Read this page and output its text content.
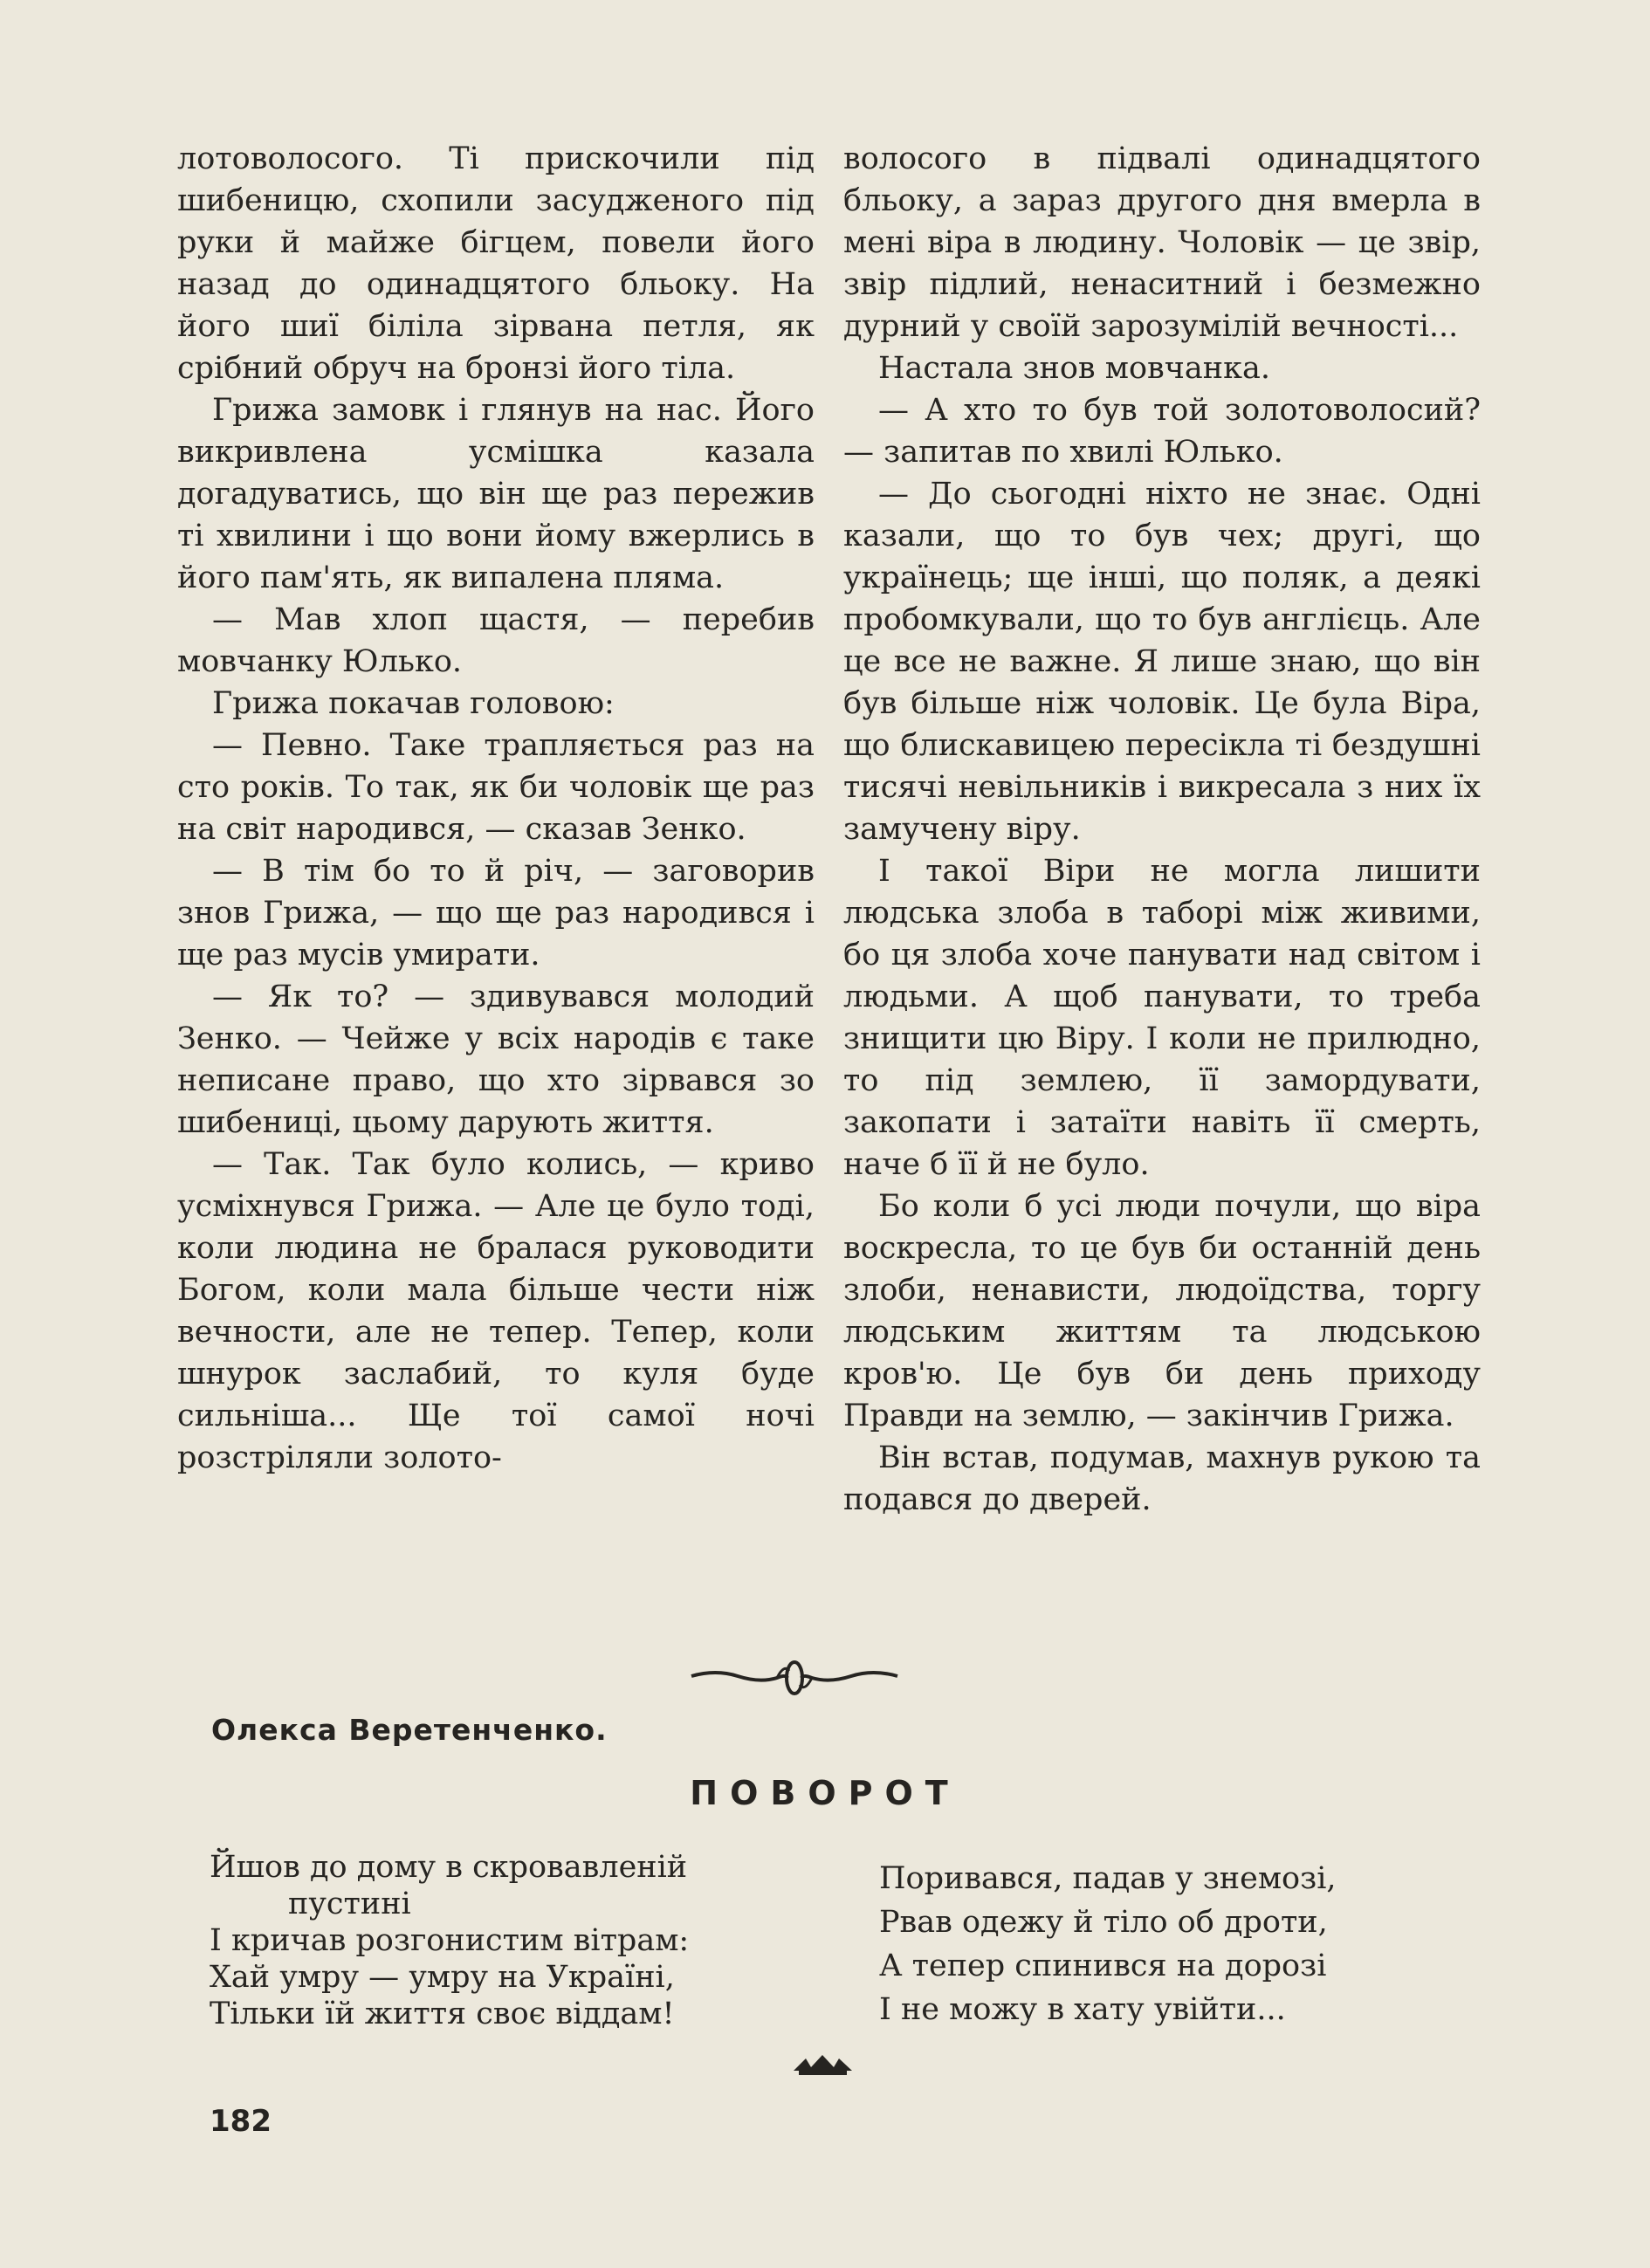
лотоволосого. Ті прискочили під шибеницю, схопили засудженого під руки й майже бігцем, повели його назад до одинадцятого бльоку. На його шиї біліла зірвана петля, як срібний обруч на бронзі його тіла.

Грижа замовк і глянув на нас. Його викривлена усмішка казала догадуватись, що він ще раз пережив ті хвилини і що вони йому вжерлись в його пам'ять, як випалена пляма.

— Мав хлоп щастя, — перебив мовчанку Юлько.

Грижа покачав головою:

— Певно. Таке трапляється раз на сто років. То так, як би чоловік ще раз на світ народився, — сказав Зенко.

— В тім бо то й річ, — заговорив знов Грижа, — що ще раз народився і ще раз мусів умирати.

— Як то? — здивувався молодий Зенко. — Чейже у всіх народів є таке неписане право, що хто зірвався зо шибениці, цьому дарують життя.

— Так. Так було колись, — криво усміхнувся Грижа. — Але це було тоді, коли людина не бралася руководити Богом, коли мала більше чести ніж вечности, але не тепер. Тепер, коли шнурок заслабий, то куля буде сильніша... Ще тої самої ночі розстріляли золото-

волосого в підвалі одинадцятого бльоку, а зараз другого дня вмерла в мені віра в людину. Чоловік — це звір, звір підлий, ненаситний і безмежно дурний у своїй зарозумілій вечності...

Настала знов мовчанка.

— А хто то був той золотоволосий? — запитав по хвилі Юлько.

— До сьогодні ніхто не знає. Одні казали, що то був чех; другі, що українець; ще інші, що поляк, а деякі пробомкували, що то був англієць. Але це все не важне. Я лише знаю, що він був більше ніж чоловік. Це була Віра, що блискавицею пересікла ті бездушні тисячі невільників і викресала з них їх замучену віру.

І такої Віри не могла лишити людська злоба в таборі між живими, бо ця злоба хоче панувати над світом і людьми. А щоб панувати, то треба знищити цю Віру. І коли не прилюдно, то під землею, її замордувати, закопати і затаїти навіть її смерть, наче б її й не було.

Бо коли б усі люди почули, що віра воскресла, то це був би останній день злоби, ненависти, людоїдства, торгу людським життям та людською кров'ю. Це був би день приходу Правди на землю, — закінчив Грижа.

Він встав, подумав, махнув рукою та подався до дверей.

Олекса Веретенченко.
ПОВОРОТ
Йшов до дому в скровавленій
пустині
І кричав розгонистим вітрам:
Хай умру — умру на Україні,
Тільки їй життя своє віддам!
Поривався, падав у знемозі,
Рвав одежу й тіло об дроти,
А тепер спинився на дорозі
І не можу в хату увійти...
182
